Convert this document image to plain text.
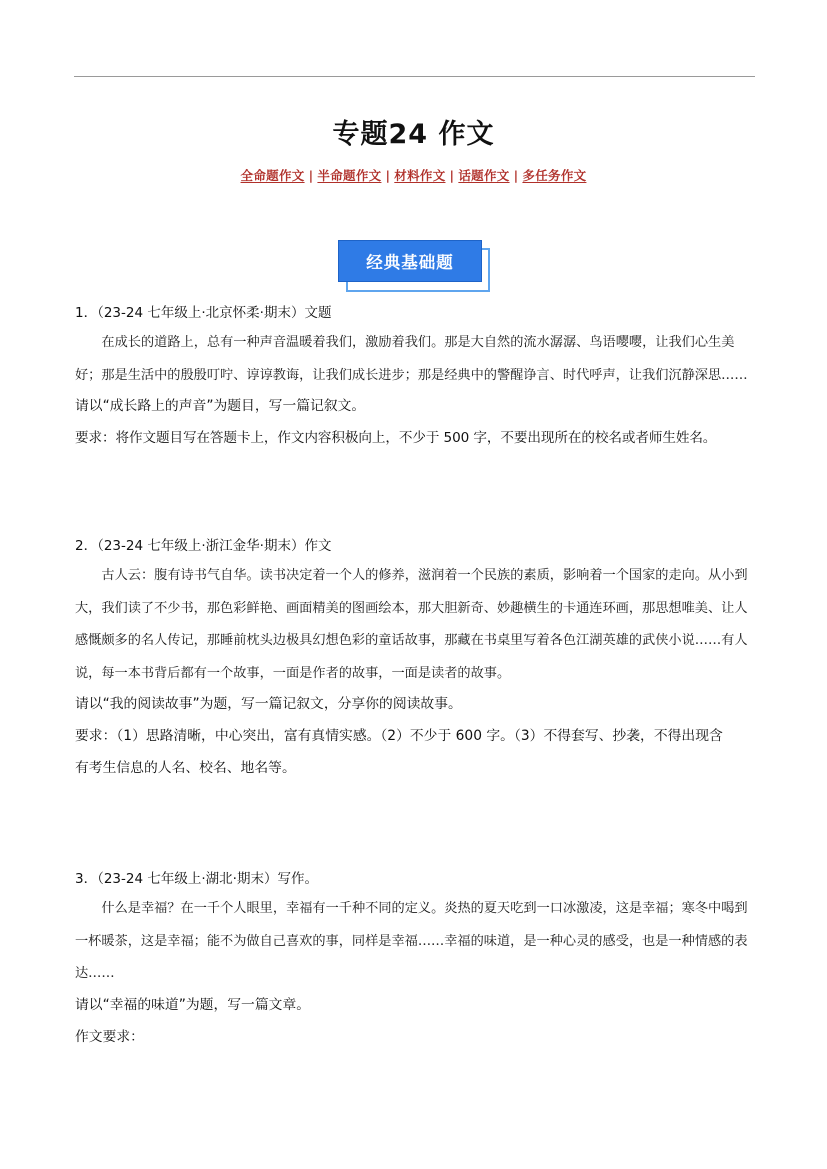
专题24 作文
全命题作文 | 半命题作文 | 材料作文 | 话题作文 | 多任务作文
经典基础题
1．（23-24 七年级上·北京怀柔·期末）文题

在成长的道路上，总有一种声音温暖着我们，激励着我们。那是大自然的流水潺潺、鸟语嘤嘤，让我们心生美好；那是生活中的殷殷叮咛、谆谆教诲，让我们成长进步；那是经典中的警醒诤言、时代呼声，让我们沉静深思……

请以“成长路上的声音”为题目，写一篇记叙文。

要求：将作文题目写在答题卡上，作文内容积极向上，不少于 500 字，不要出现所在的校名或者师生姓名。

2．（23-24 七年级上·浙江金华·期末）作文

古人云：腹有诗书气自华。读书决定着一个人的修养，滋润着一个民族的素质，影响着一个国家的走向。从小到大，我们读了不少书，那色彩鲜艳、画面精美的图画绘本，那大胆新奇、妙趣横生的卡通连环画，那思想唯美、让人感慨颇多的名人传记，那睡前枕头边极具幻想色彩的童话故事，那藏在书桌里写着各色江湖英雄的武侠小说……有人说，每一本书背后都有一个故事，一面是作者的故事，一面是读者的故事。

请以“我的阅读故事”为题，写一篇记叙文，分享你的阅读故事。

要求：（1）思路清晰，中心突出，富有真情实感。（2）不少于 600 字。（3）不得套写、抄袭，不得出现含

有考生信息的人名、校名、地名等。

3．（23-24 七年级上·湖北·期末）写作。

什么是幸福？在一千个人眼里，幸福有一千种不同的定义。炎热的夏天吃到一口冰激凌，这是幸福；寒冬中喝到一杯暖茶，这是幸福；能不为做自己喜欢的事，同样是幸福……幸福的味道，是一种心灵的感受，也是一种情感的表达……

请以“幸福的味道”为题，写一篇文章。

作文要求：
